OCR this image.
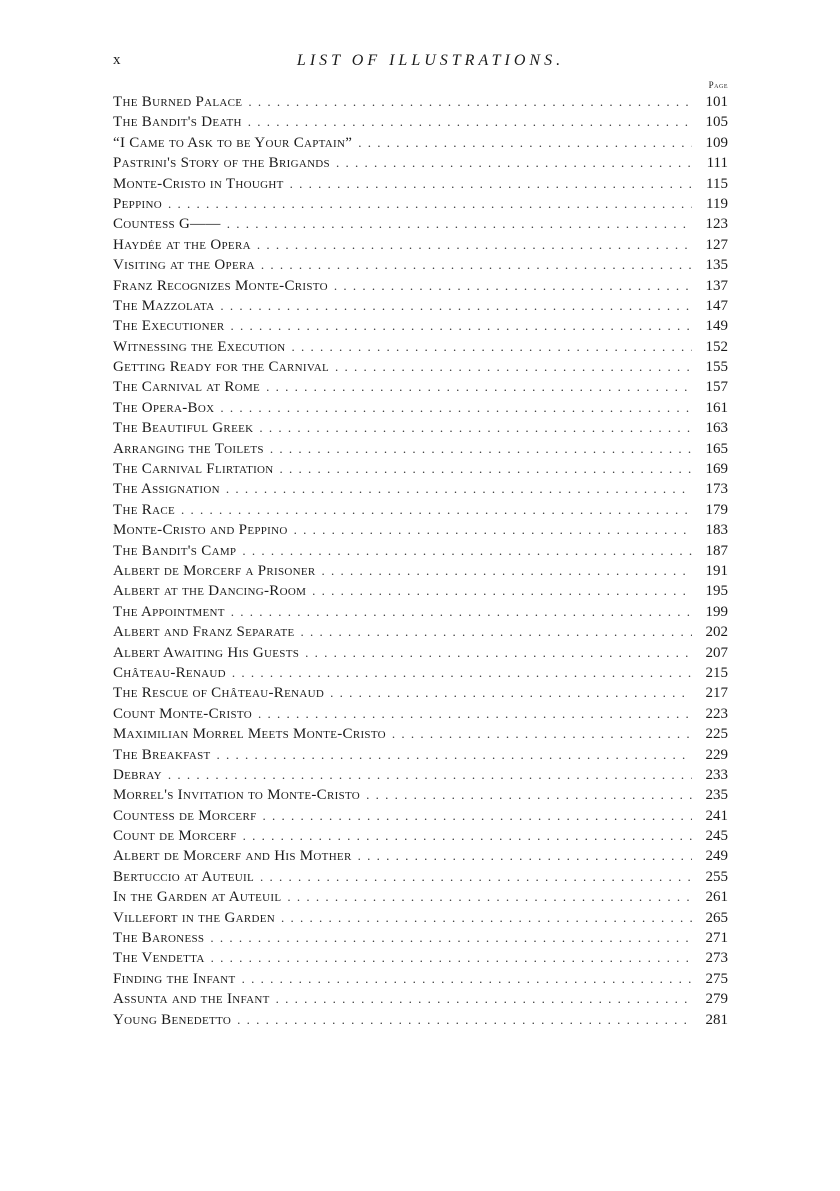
x	LIST OF ILLUSTRATIONS.
Page
The Burned Palace . . .	101
The Bandit's Death . . .	105
“I Came to Ask to be Your Captain” . . .	109
Pastrini's Story of the Brigands . . .	111
Monte-Cristo in Thought . . .	115
Peppino . . .	119
Countess G—— . . .	123
Haydée at the Opera . . .	127
Visiting at the Opera . . .	135
Franz Recognizes Monte-Cristo . . .	137
The Mazzolata . . .	147
The Executioner . . .	149
Witnessing the Execution . . .	152
Getting Ready for the Carnival . . .	155
The Carnival at Rome . . .	157
The Opera-Box . . .	161
The Beautiful Greek . . .	163
Arranging the Toilets . . .	165
The Carnival Flirtation . . .	169
The Assignation . . .	173
The Race . . .	179
Monte-Cristo and Peppino . . .	183
The Bandit's Camp . . .	187
Albert de Morcerf a Prisoner . . .	191
Albert at the Dancing-Room . . .	195
The Appointment . . .	199
Albert and Franz Separate . . .	202
Albert Awaiting His Guests . . .	207
Château-Renaud . . .	215
The Rescue of Château-Renaud . . .	217
Count Monte-Cristo . . .	223
Maximilian Morrel Meets Monte-Cristo . . .	225
The Breakfast . . .	229
Debray . . .	233
Morrel's Invitation to Monte-Cristo . . .	235
Countess de Morcerf . . .	241
Count de Morcerf . . .	245
Albert de Morcerf and His Mother . . .	249
Bertuccio at Auteuil . . .	255
In the Garden at Auteuil . . .	261
Villefort in the Garden . . .	265
The Baroness . . .	271
The Vendetta . . .	273
Finding the Infant . . .	275
Assunta and the Infant . . .	279
Young Benedetto . . .	281
